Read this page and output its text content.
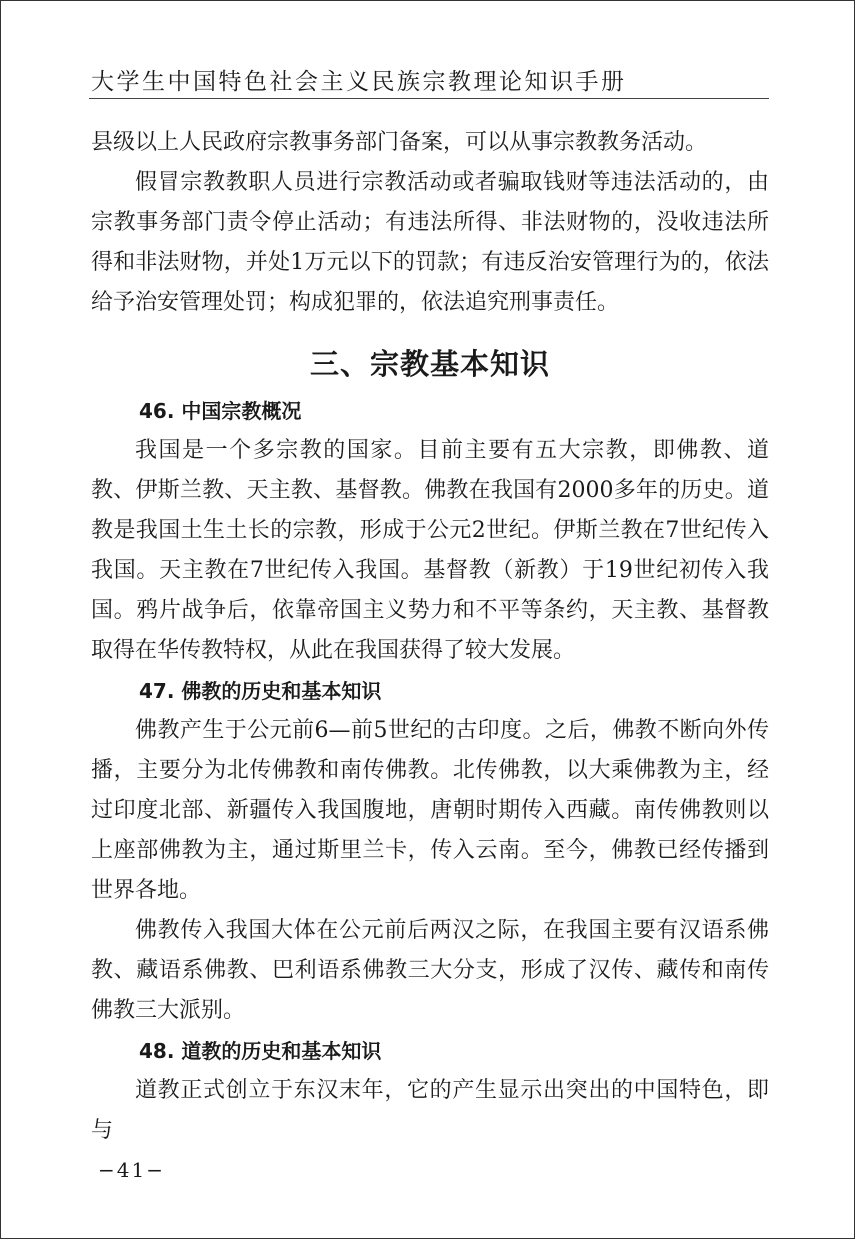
大学生中国特色社会主义民族宗教理论知识手册

县级以上人民政府宗教事务部门备案，可以从事宗教教务活动。

假冒宗教教职人员进行宗教活动或者骗取钱财等违法活动的，由宗教事务部门责令停止活动；有违法所得、非法财物的，没收违法所得和非法财物，并处1万元以下的罚款；有违反治安管理行为的，依法给予治安管理处罚；构成犯罪的，依法追究刑事责任。

三、宗教基本知识
46. 中国宗教概况

我国是一个多宗教的国家。目前主要有五大宗教，即佛教、道教、伊斯兰教、天主教、基督教。佛教在我国有2000多年的历史。道教是我国土生土长的宗教，形成于公元2世纪。伊斯兰教在7世纪传入我国。天主教在7世纪传入我国。基督教（新教）于19世纪初传入我国。鸦片战争后，依靠帝国主义势力和不平等条约，天主教、基督教取得在华传教特权，从此在我国获得了较大发展。

47. 佛教的历史和基本知识

佛教产生于公元前6—前5世纪的古印度。之后，佛教不断向外传播，主要分为北传佛教和南传佛教。北传佛教，以大乘佛教为主，经过印度北部、新疆传入我国腹地，唐朝时期传入西藏。南传佛教则以上座部佛教为主，通过斯里兰卡，传入云南。至今，佛教已经传播到世界各地。

佛教传入我国大体在公元前后两汉之际，在我国主要有汉语系佛教、藏语系佛教、巴利语系佛教三大分支，形成了汉传、藏传和南传佛教三大派别。

48. 道教的历史和基本知识

道教正式创立于东汉末年，它的产生显示出突出的中国特色，即与

−41−
